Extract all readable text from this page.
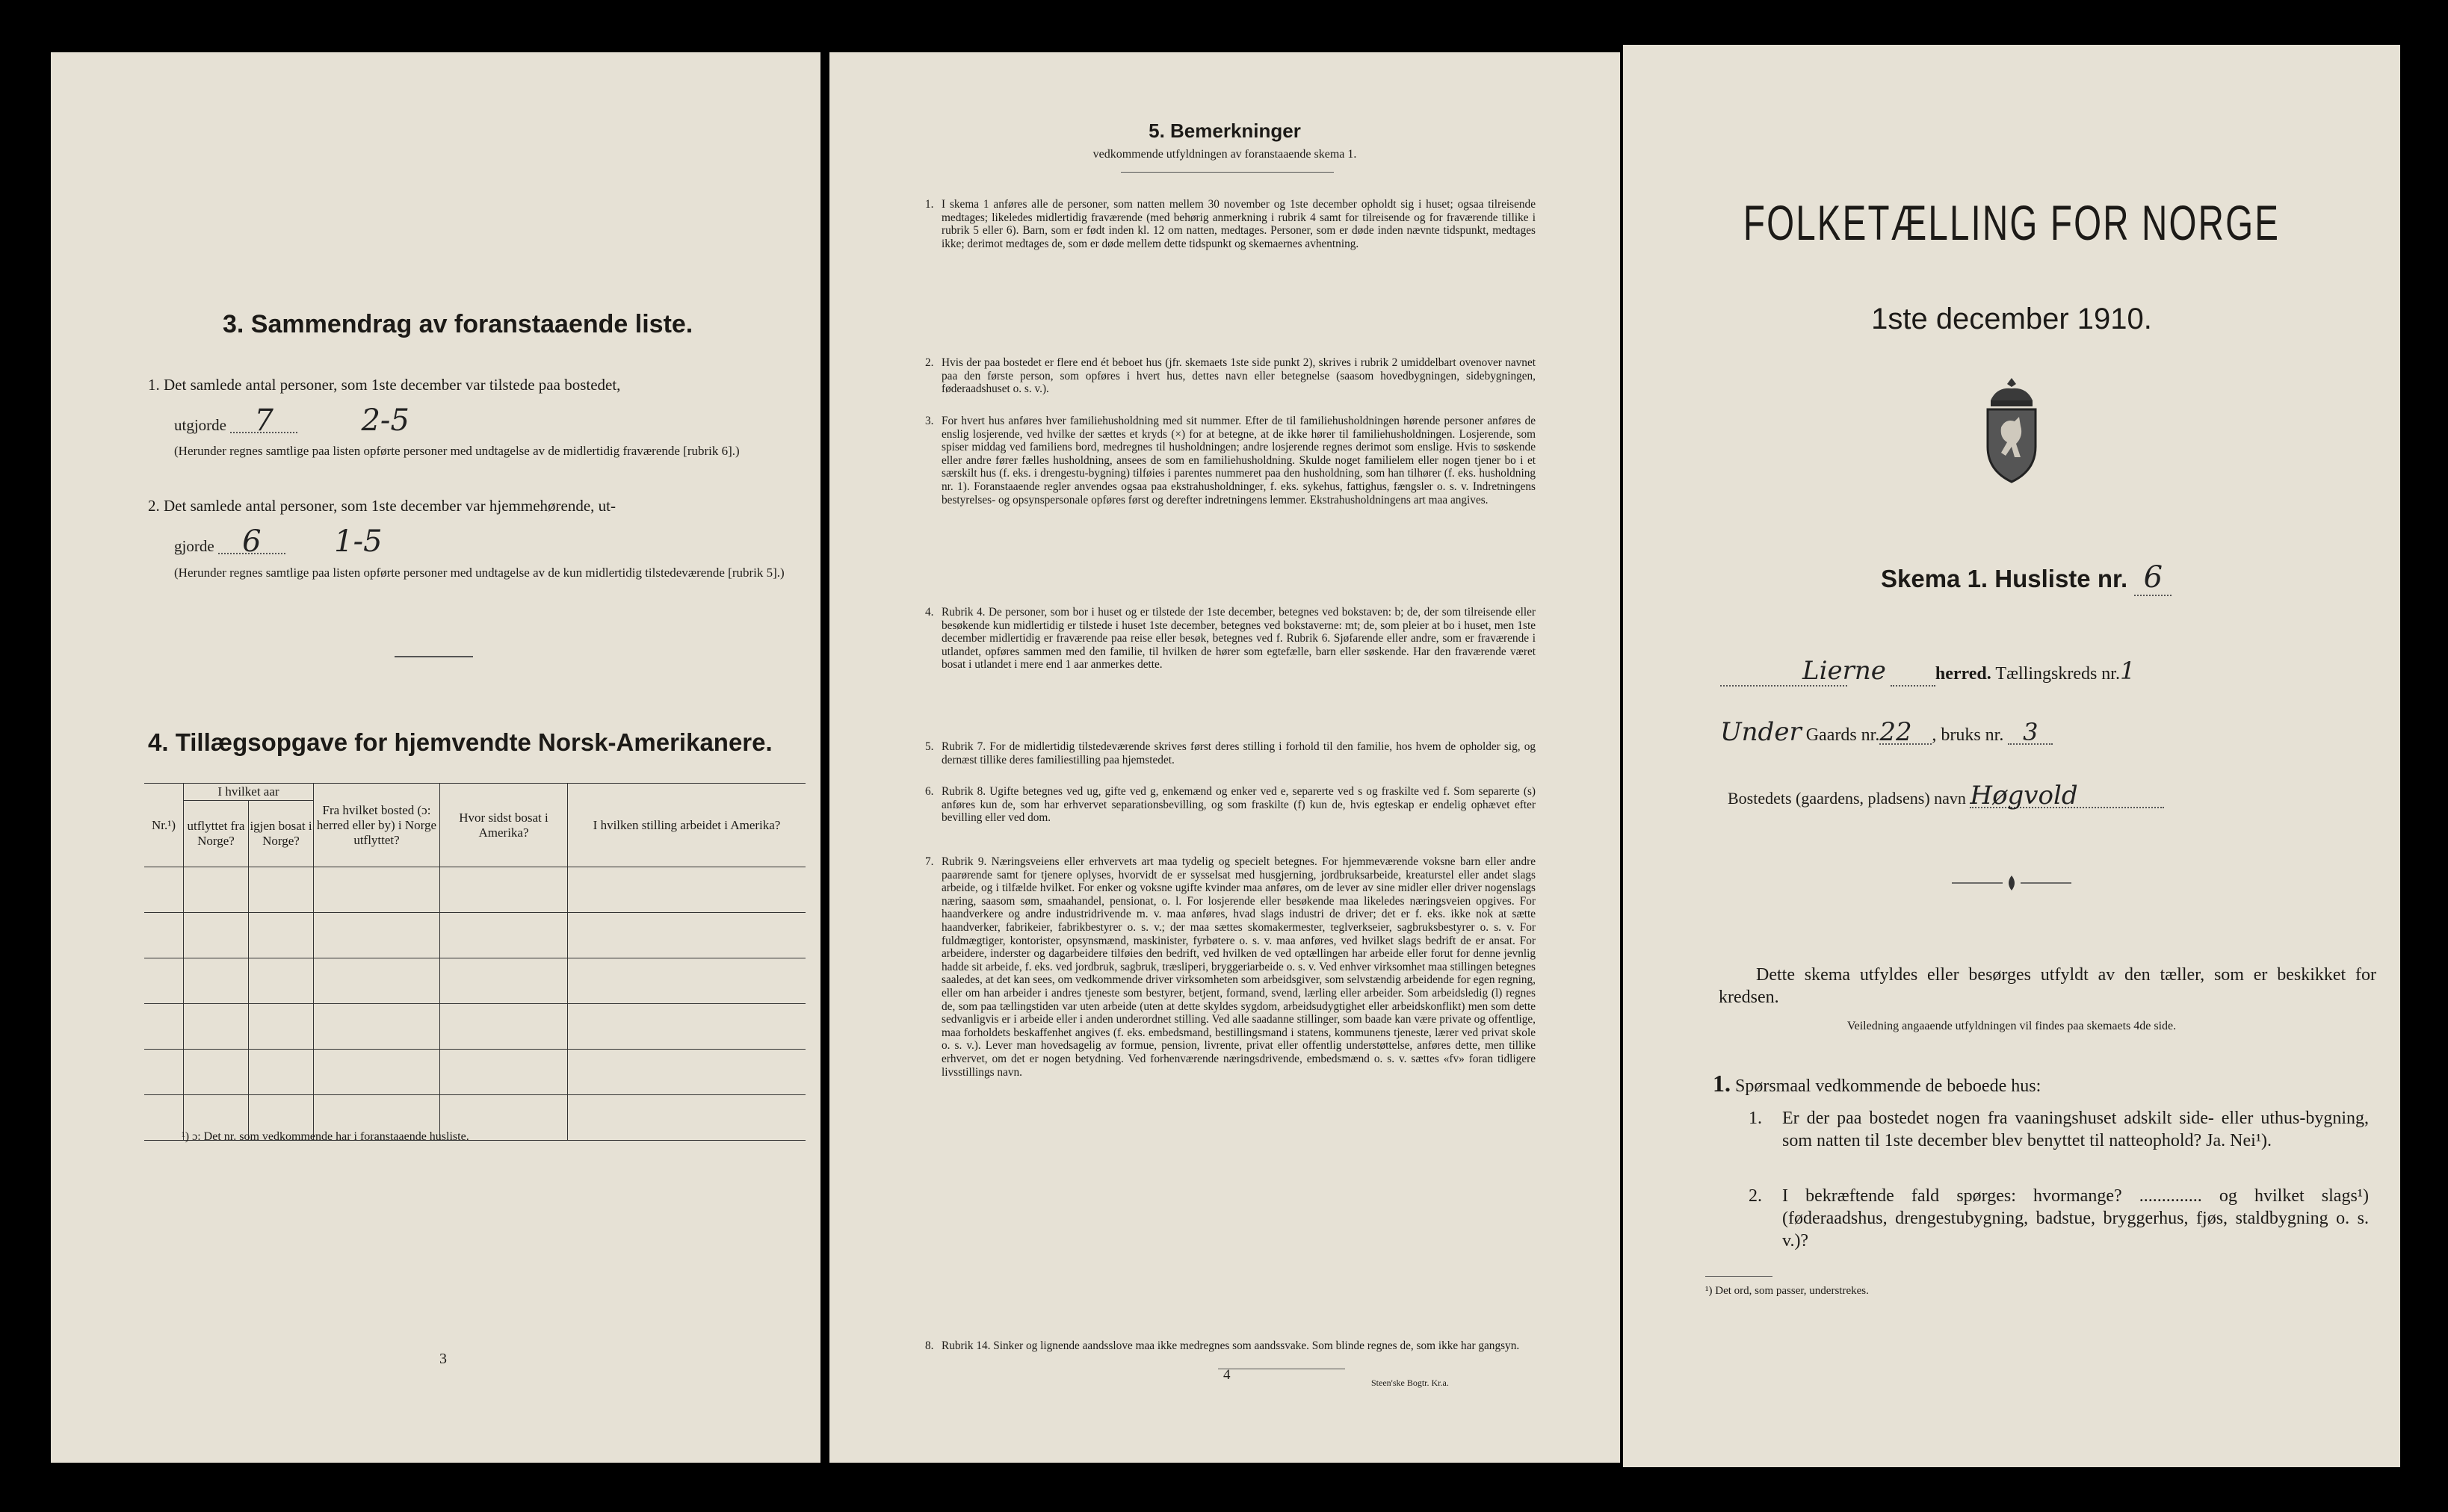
3. Sammendrag av foranstaaende liste.
1. Det samlede antal personer, som 1ste december var tilstede paa bostedet,
utgjorde 7	2-5
(Herunder regnes samtlige paa listen opførte personer med undtagelse av de midlertidig fraværende [rubrik 6].)
2. Det samlede antal personer, som 1ste december var hjemmehørende, ut-
gjorde 6 1-5
(Herunder regnes samtlige paa listen opførte personer med undtagelse av de kun midlertidig tilstedeværende [rubrik 5].)
4. Tillægsopgave for hjemvendte Norsk-Amerikanere.
Nr.¹)	I hvilket aar		Fra hvilket bosted (ɔ: herred eller by) i Norge utflyttet?	Hvor sidst bosat i Amerika?	I hvilken stilling arbeidet i Amerika?
	utflyttet fra Norge?	igjen bosat i Norge?			

¹) ɔ: Det nr. som vedkommende har i foranstaaende husliste.
3
5. Bemerkninger
vedkommende utfyldningen av foranstaaende skema 1.
1. I skema 1 anføres alle de personer, som natten mellem 30 november og 1ste december opholdt sig i huset; ogsaa tilreisende medtages; likeledes midlertidig fraværende (med behørig anmerkning i rubrik 4 samt for tilreisende og for fraværende tillike i rubrik 5 eller 6). Barn, som er født inden kl. 12 om natten, medtages. Personer, som er døde inden nævnte tidspunkt, medtages ikke; derimot medtages de, som er døde mellem dette tidspunkt og skemaernes avhentning.
2. Hvis der paa bostedet er flere end ét beboet hus (jfr. skemaets 1ste side punkt 2), skrives i rubrik 2 umiddelbart ovenover navnet paa den første person, som opføres i hvert hus, dettes navn eller betegnelse (saasom hovedbygningen, sidebygningen, føderaadshuset o. s. v.).
3. For hvert hus anføres hver familiehusholdning med sit nummer. Efter de til familiehusholdningen hørende personer anføres de enslig losjerende, ved hvilke der sættes et kryds (×) for at betegne, at de ikke hører til familiehusholdningen. Losjerende, som spiser middag ved familiens bord, medregnes til husholdningen; andre losjerende regnes derimot som enslige. Hvis to søskende eller andre fører fælles husholdning, ansees de som en familiehusholdning. Skulde noget familielem eller nogen tjener bo i et særskilt hus (f. eks. i drengestu-bygning) tilføies i parentes nummeret paa den husholdning, som han tilhører (f. eks. husholdning nr. 1). Foranstaaende regler anvendes ogsaa paa ekstrahusholdninger, f. eks. sykehus, fattighus, fængsler o. s. v. Indretningens bestyrelses- og opsynspersonale opføres først og derefter indretningens lemmer. Ekstrahusholdningens art maa angives.
4. Rubrik 4. De personer, som bor i huset og er tilstede der 1ste december, betegnes ved bokstaven: b; de, der som tilreisende eller besøkende kun midlertidig er tilstede i huset 1ste december, betegnes ved bokstaverne: mt; de, som pleier at bo i huset, men 1ste december midlertidig er fraværende paa reise eller besøk, betegnes ved f. Rubrik 6. Sjøfarende eller andre, som er fraværende i utlandet, opføres sammen med den familie, til hvilken de hører som egtefælle, barn eller søskende. Har den fraværende været bosat i utlandet i mere end 1 aar anmerkes dette.
5. Rubrik 7. For de midlertidig tilstedeværende skrives først deres stilling i forhold til den familie, hos hvem de opholder sig, og dernæst tillike deres familiestilling paa hjemstedet.
6. Rubrik 8. Ugifte betegnes ved ug, gifte ved g, enkemænd og enker ved e, separerte ved s og fraskilte ved f. Som separerte (s) anføres kun de, som har erhvervet separationsbevilling, og som fraskilte (f) kun de, hvis egteskap er endelig ophævet efter bevilling eller ved dom.
7. Rubrik 9. Næringsveiens eller erhvervets art maa tydelig og specielt betegnes. For hjemmeværende voksne barn eller andre paarørende samt for tjenere oplyses, hvorvidt de er sysselsat med husgjerning, jordbruksarbeide, kreaturstel eller andet slags arbeide, og i tilfælde hvilket. For enker og voksne ugifte kvinder maa anføres, om de lever av sine midler eller driver nogenslags næring, saasom søm, smaahandel, pensionat, o. l. For losjerende eller besøkende maa likeledes næringsveien opgives. For haandverkere og andre industridrivende m. v. maa anføres, hvad slags industri de driver; det er f. eks. ikke nok at sætte haandverker, fabrikeier, fabrikbestyrer o. s. v.; der maa sættes skomakermester, teglverkseier, sagbruksbestyrer o. s. v. For fuldmægtiger, kontorister, opsynsmænd, maskinister, fyrbøtere o. s. v. maa anføres, ved hvilket slags bedrift de er ansat. For arbeidere, inderster og dagarbeidere tilføies den bedrift, ved hvilken de ved optællingen har arbeide eller forut for denne jevnlig hadde sit arbeide, f. eks. ved jordbruk, sagbruk, træsliperi, bryggeriarbeide o. s. v. Ved enhver virksomhet maa stillingen betegnes saaledes, at det kan sees, om vedkommende driver virksomheten som arbeidsgiver, som selvstændig arbeidende for egen regning, eller om han arbeider i andres tjeneste som bestyrer, betjent, formand, svend, lærling eller arbeider. Som arbeidsledig (l) regnes de, som paa tællingstiden var uten arbeide (uten at dette skyldes sygdom, arbeidsudygtighet eller arbeidskonflikt) men som dette sedvanligvis er i arbeide eller i anden underordnet stilling. Ved alle saadanne stillinger, som baade kan være private og offentlige, maa forholdets beskaffenhet angives (f. eks. embedsmand, bestillingsmand i statens, kommunens tjeneste, lærer ved privat skole o. s. v.). Lever man hovedsagelig av formue, pension, livrente, privat eller offentlig understøttelse, anføres dette, men tillike erhvervet, om det er nogen betydning. Ved forhenværende næringsdrivende, embedsmænd o. s. v. sættes «fv» foran tidligere livsstillings navn.
8. Rubrik 14. Sinker og lignende aandsslove maa ikke medregnes som aandssvake. Som blinde regnes de, som ikke har gangsyn.
4	Steen'ske Bogtr. Kr.a.
FOLKETÆLLING FOR NORGE
1ste december 1910.
Skema 1. Husliste nr. 6
Lierne	herred. Tællingskreds nr.1
Under Gaards nr.22 , bruks nr. 3
Bostedets (gaardens, pladsens) navn Høgvold
Dette skema utfyldes eller besørges utfyldt av den tæller, som er beskikket for kredsen.
Veiledning angaaende utfyldningen vil findes paa skemaets 4de side.
1. Spørsmaal vedkommende de beboede hus:
1. Er der paa bostedet nogen fra vaaningshuset adskilt side- eller uthus-bygning, som natten til 1ste december blev benyttet til natteophold? Ja. Nei¹).
2. I bekræftende fald spørges: hvormange? .............. og hvilket slags¹) (føderaadshus, drengestubygning, badstue, bryggerhus, fjøs, staldbygning o. s. v.)?
¹) Det ord, som passer, understrekes.
